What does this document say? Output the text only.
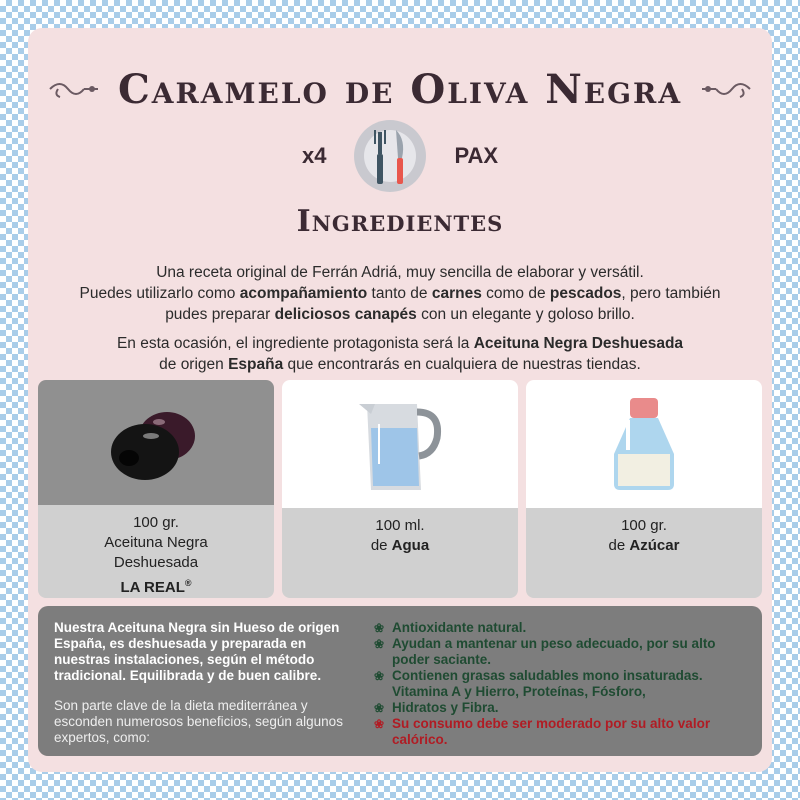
Caramelo de Oliva Negra
x4	PAX
Ingredientes

Una receta original de Ferrán Adriá, muy sencilla de elaborar y versátil.
Puedes utilizarlo como acompañamiento tanto de carnes como de pescados, pero también pudes preparar deliciosos canapés con un elegante y goloso brillo.

En esta ocasión, el ingrediente protagonista será la Aceituna Negra Deshuesada
de origen España que encontrarás en cualquiera de nuestras tiendas.

100 gr.
Aceituna Negra
Deshuesada
LA REAL®
100 ml.
de Agua
100 gr.
de Azúcar
Nuestra Aceituna Negra sin Hueso de origen España, es deshuesada y preparada en nuestras instalaciones, según el método tradicional. Equilibrada y de buen calibre.
Son parte clave de la dieta mediterránea y esconden numerosos beneficios, según algunos expertos, como:
❀ Antioxidante natural.
❀ Ayudan a mantenar un peso adecuado, por su alto poder saciante.
❀ Contienen grasas saludables mono insaturadas. Vitamina A y Hierro, Proteínas, Fósforo,
❀ Hidratos y Fibra.
❀ Su consumo debe ser moderado por su alto valor calórico.
